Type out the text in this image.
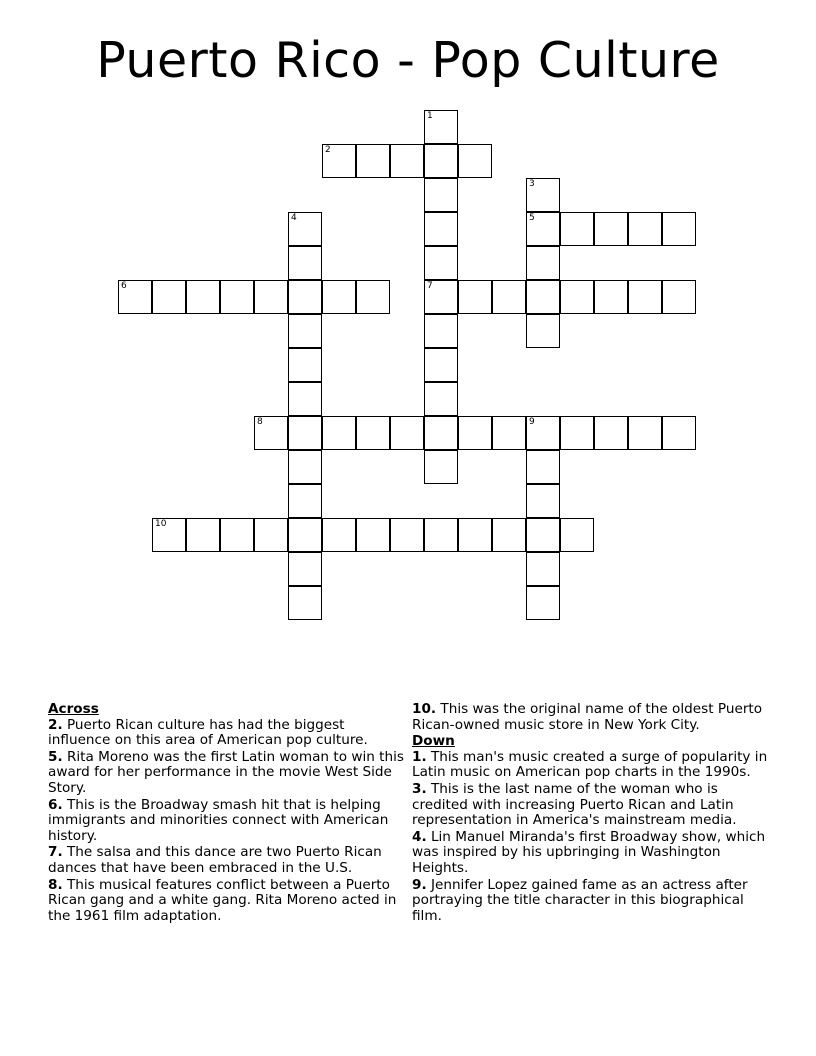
Puerto Rico - Pop Culture
1
7
2
3
5
4
6
8	9
10
Across
2. Puerto Rican culture has had the biggest influence on this area of American pop culture.
5. Rita Moreno was the first Latin woman to win this award for her performance in the movie West Side Story.
6. This is the Broadway smash hit that is helping immigrants and minorities connect with American history.
7. The salsa and this dance are two Puerto Rican dances that have been embraced in the U.S.
8. This musical features conflict between a Puerto Rican gang and a white gang. Rita Moreno acted in the 1961 film adaptation.
10. This was the original name of the oldest Puerto Rican-owned music store in New York City.
Down
1. This man's music created a surge of popularity in Latin music on American pop charts in the 1990s.
3. This is the last name of the woman who is credited with increasing Puerto Rican and Latin representation in America's mainstream media.
4. Lin Manuel Miranda's first Broadway show, which was inspired by his upbringing in Washington Heights.
9. Jennifer Lopez gained fame as an actress after portraying the title character in this biographical film.
